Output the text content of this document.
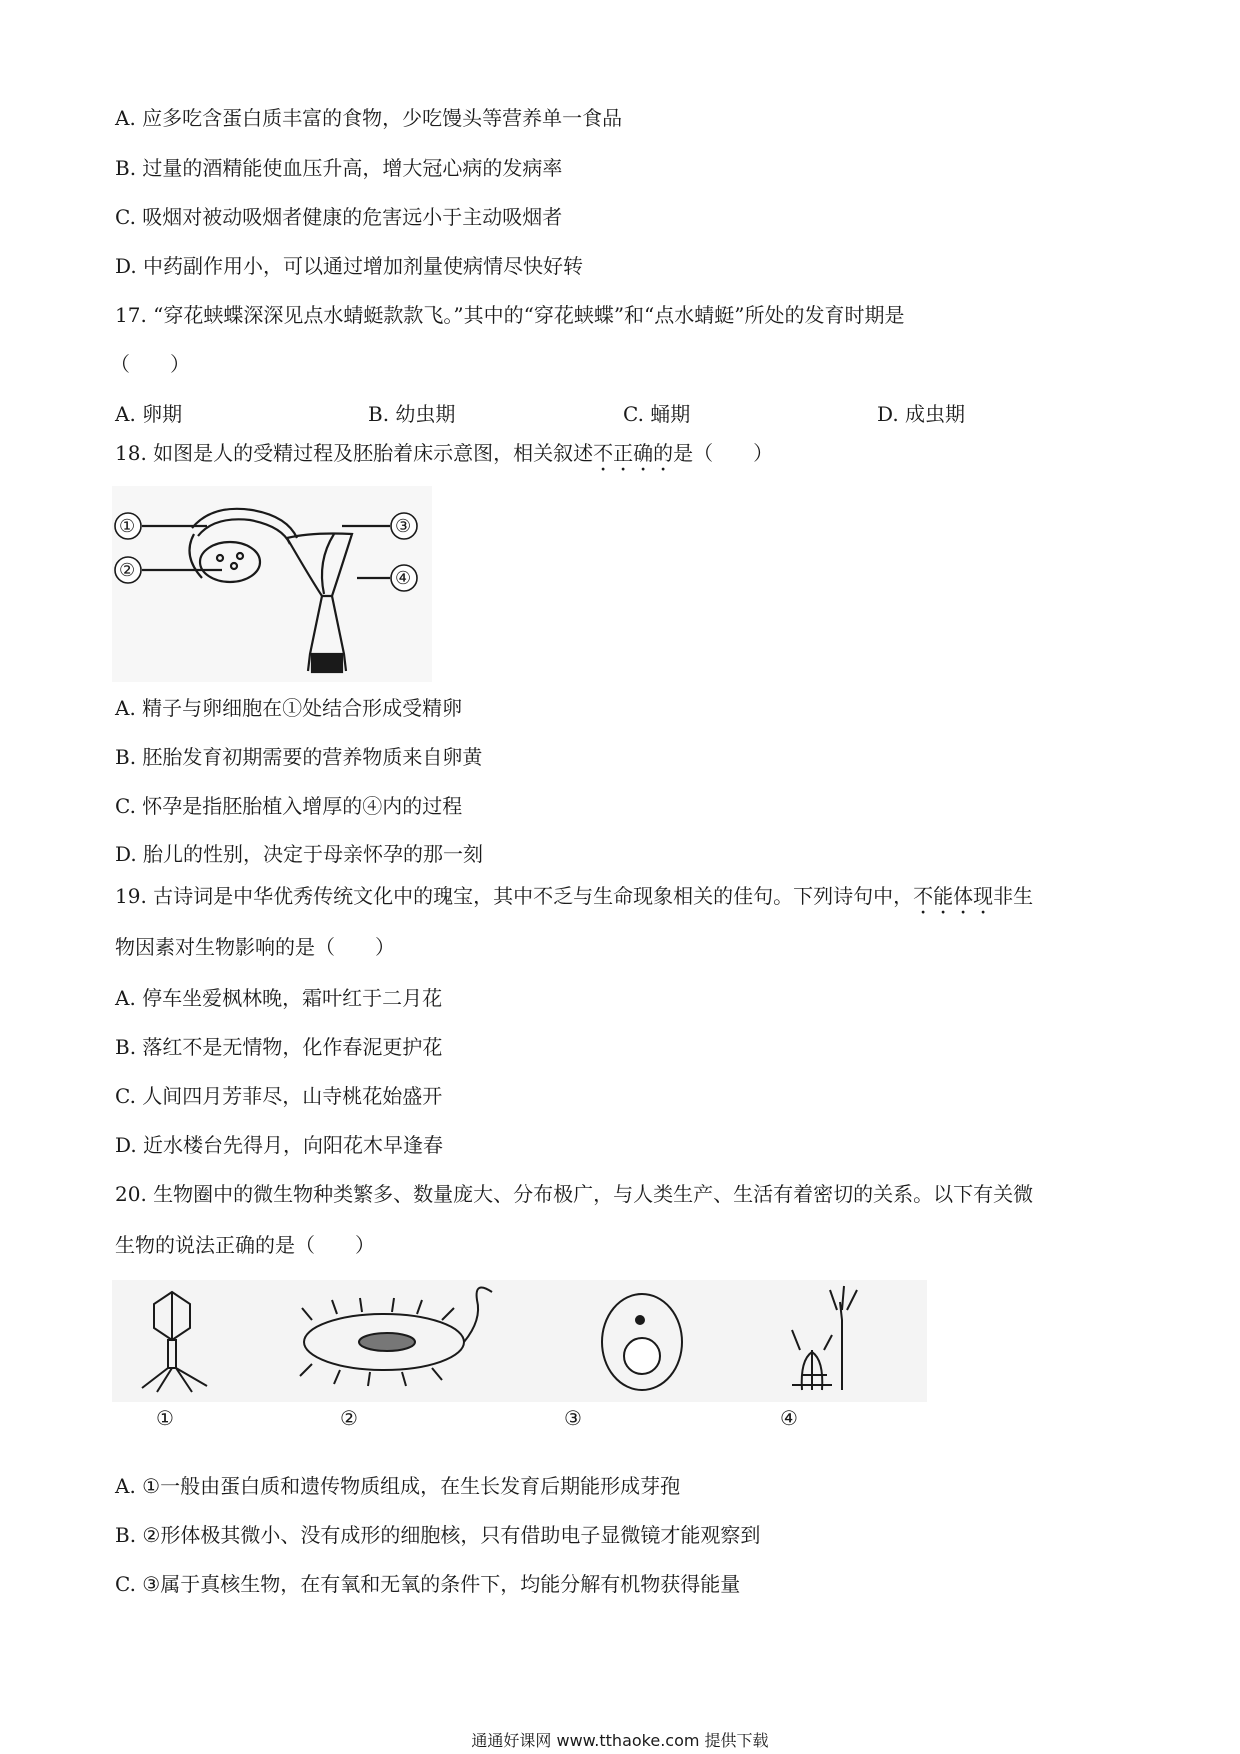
A. 应多吃含蛋白质丰富的食物，少吃馒头等营养单一食品
B. 过量的酒精能使血压升高，增大冠心病的发病率
C. 吸烟对被动吸烟者健康的危害远小于主动吸烟者
D. 中药副作用小，可以通过增加剂量使病情尽快好转
17. “穿花蛱蝶深深见点水蜻蜓款款飞。”其中的“穿花蛱蝶”和“点水蜻蜓”所处的发育时期是
（　　）
A. 卵期	B. 幼虫期	C. 蛹期	D. 成虫期
18. 如图是人的受精过程及胚胎着床示意图，相关叙述不正确的是（　　）
①
②
③
④
A. 精子与卵细胞在①处结合形成受精卵
B. 胚胎发育初期需要的营养物质来自卵黄
C. 怀孕是指胚胎植入增厚的④内的过程
D. 胎儿的性别，决定于母亲怀孕的那一刻
19. 古诗词是中华优秀传统文化中的瑰宝，其中不乏与生命现象相关的佳句。下列诗句中，不能体现非生
物因素对生物影响的是（　　）
A. 停车坐爱枫林晚，霜叶红于二月花
B. 落红不是无情物，化作春泥更护花
C. 人间四月芳菲尽，山寺桃花始盛开
D. 近水楼台先得月，向阳花木早逢春
20. 生物圈中的微生物种类繁多、数量庞大、分布极广，与人类生产、生活有着密切的关系。以下有关微
生物的说法正确的是（　　）
①	②	③	④
A. ①一般由蛋白质和遗传物质组成，在生长发育后期能形成芽孢
B. ②形体极其微小、没有成形的细胞核，只有借助电子显微镜才能观察到
C. ③属于真核生物，在有氧和无氧的条件下，均能分解有机物获得能量
通通好课网 www.tthaoke.com 提供下载
